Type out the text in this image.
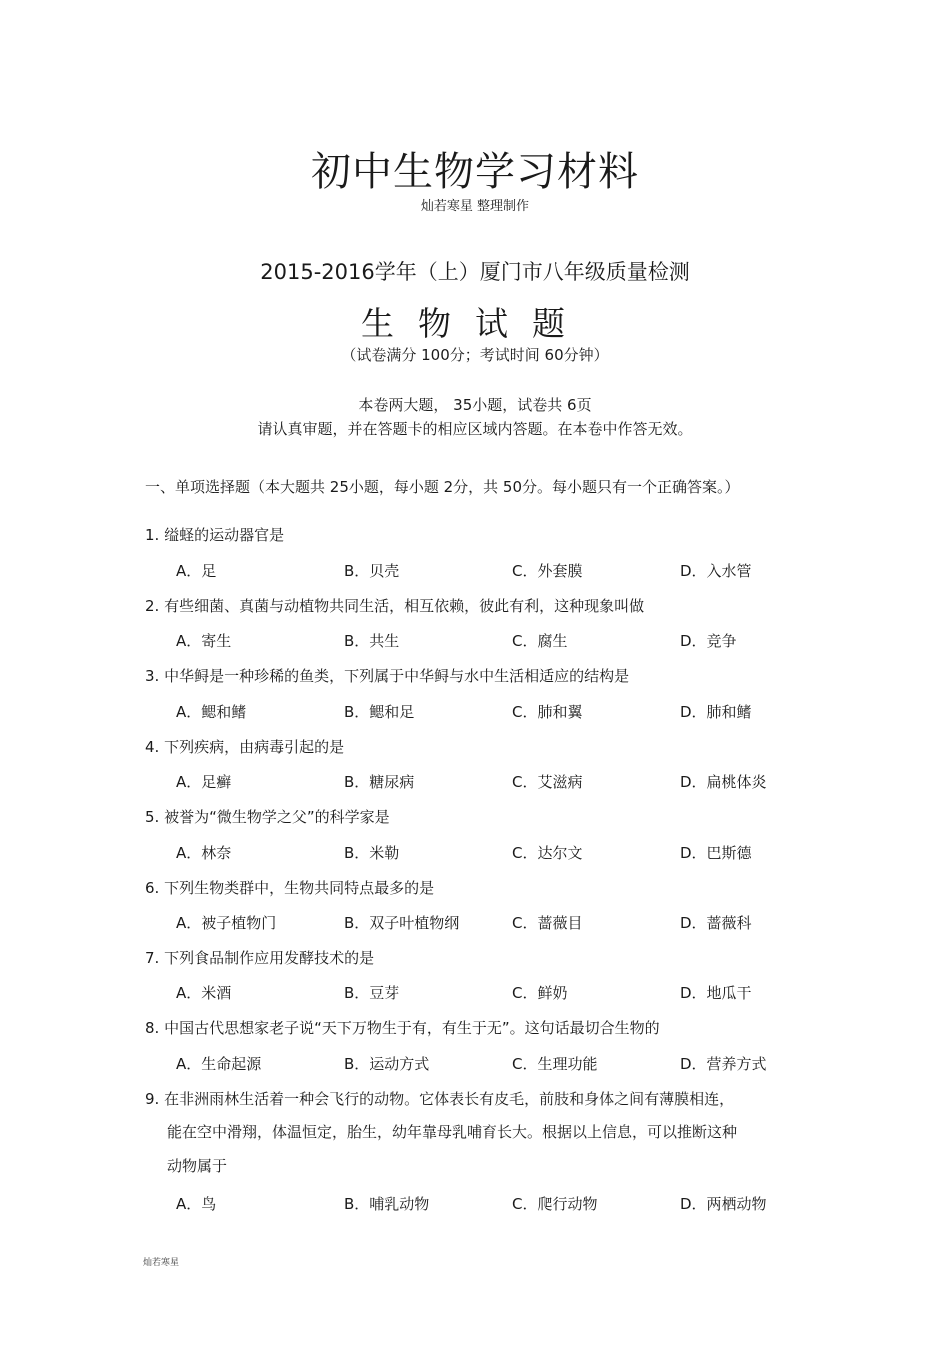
初中生物学习材料
灿若寒星 整理制作
2015-2016学年（上）厦门市八年级质量检测
生物试题
（试卷满分 100分；考试时间 60分钟）
本卷两大题， 35小题，试卷共 6页
请认真审题，并在答题卡的相应区域内答题。在本卷中作答无效。
一、单项选择题（本大题共 25小题，每小题 2分，共 50分。每小题只有一个正确答案。）
1. 缢蛏的运动器官是
A．足	B．贝壳	C．外套膜	D．入水管
2. 有些细菌、真菌与动植物共同生活，相互依赖，彼此有利，这种现象叫做
A．寄生	B．共生	C．腐生	D．竞争
3. 中华鲟是一种珍稀的鱼类，下列属于中华鲟与水中生活相适应的结构是
A．鳃和鳍	B．鳃和足	C．肺和翼	D．肺和鳍
4. 下列疾病，由病毒引起的是
A．足癣	B．糖尿病	C．艾滋病	D．扁桃体炎
5. 被誉为“微生物学之父”的科学家是
A．林奈	B．米勒	C．达尔文	D．巴斯德
6. 下列生物类群中，生物共同特点最多的是
A．被子植物门	B．双子叶植物纲	C．蔷薇目	D．蔷薇科
7. 下列食品制作应用发酵技术的是
A．米酒	B．豆芽	C．鲜奶	D．地瓜干
8. 中国古代思想家老子说“天下万物生于有，有生于无”。这句话最切合生物的
A．生命起源	B．运动方式	C．生理功能	D．营养方式
9. 在非洲雨林生活着一种会飞行的动物。它体表长有皮毛，前肢和身体之间有薄膜相连，
能在空中滑翔，体温恒定，胎生，幼年靠母乳哺育长大。根据以上信息，可以推断这种
动物属于
A．鸟	B．哺乳动物	C．爬行动物	D．两栖动物
灿若寒星
